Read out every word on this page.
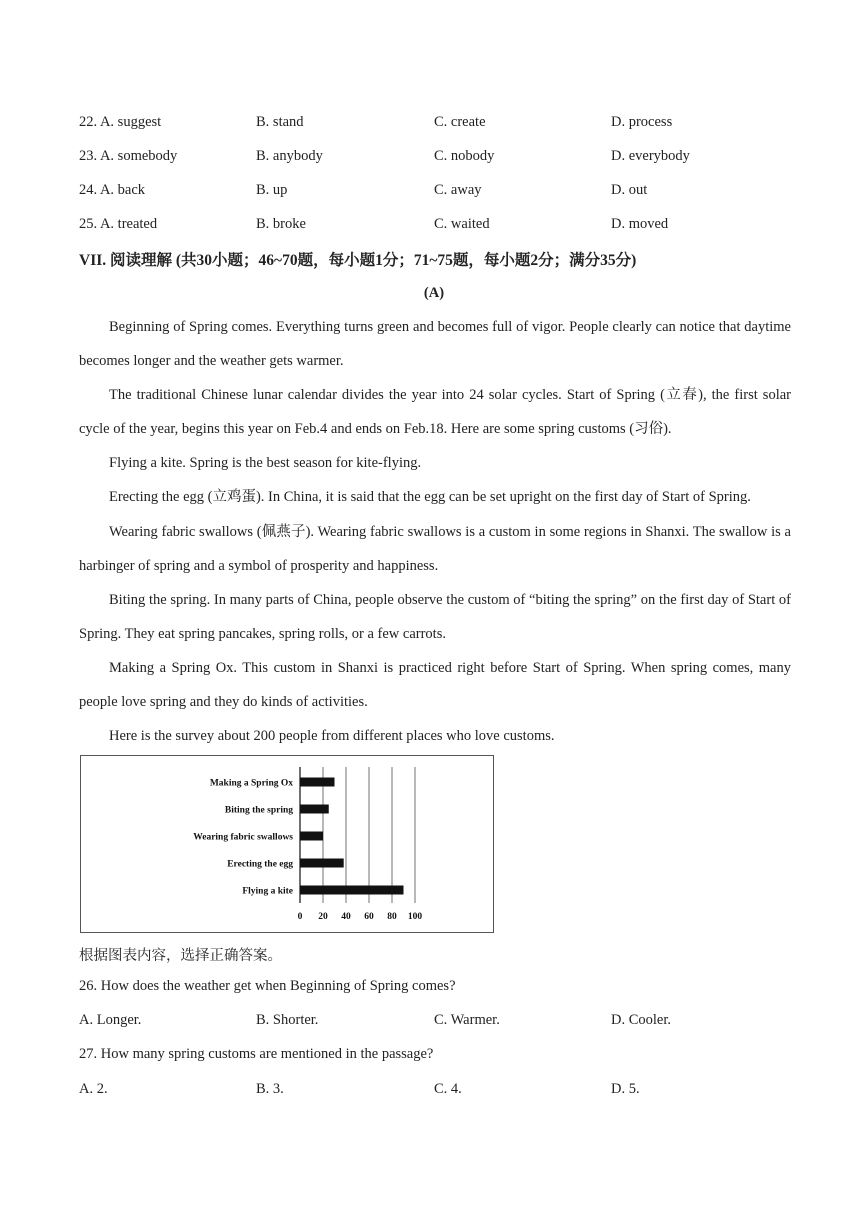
22. A. suggest	B. stand	C. create	D. process
23. A. somebody	B. anybody	C. nobody	D. everybody
24. A. back	B. up	C. away	D. out
25. A. treated	B. broke	C. waited	D. moved
VII. 阅读理解 (共30小题；46~70题，每小题1分；71~75题，每小题2分；满分35分)
(A)

Beginning of Spring comes. Everything turns green and becomes full of vigor. People clearly can notice that daytime becomes longer and the weather gets warmer.

The traditional Chinese lunar calendar divides the year into 24 solar cycles. Start of Spring (立春), the first solar cycle of the year, begins this year on Feb.4 and ends on Feb.18. Here are some spring customs (习俗).

Flying a kite. Spring is the best season for kite-flying.

Erecting the egg (立鸡蛋). In China, it is said that the egg can be set upright on the first day of Start of Spring.

Wearing fabric swallows (佩燕子). Wearing fabric swallows is a custom in some regions in Shanxi. The swallow is a harbinger of spring and a symbol of prosperity and happiness.

Biting the spring. In many parts of China, people observe the custom of “biting the spring” on the first day of Start of Spring. They eat spring pancakes, spring rolls, or a few carrots.

Making a Spring Ox. This custom in Shanxi is practiced right before Start of Spring. When spring comes, many people love spring and they do kinds of activities.

Here is the survey about 200 people from different places who love customs.

Making a Spring Ox
Biting the spring
Wearing fabric swallows
Erecting the egg
Flying a kite
0 20 40 60 80 100
根据图表内容，选择正确答案。
26. How does the weather get when Beginning of Spring comes?
A. Longer.	B. Shorter.	C. Warmer.	D. Cooler.
27. How many spring customs are mentioned in the passage?
A. 2.	B. 3.	C. 4.	D. 5.
